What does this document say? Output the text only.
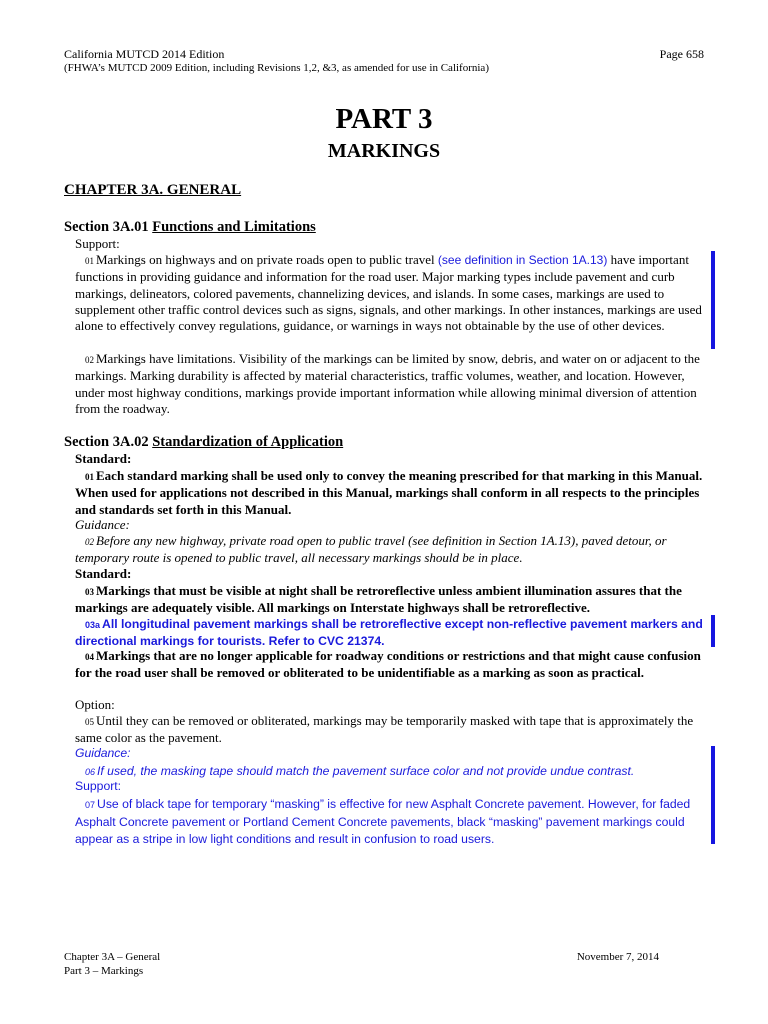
California MUTCD 2014 Edition
(FHWA’s MUTCD 2009 Edition, including Revisions 1,2, &3, as amended for use in California)
Page 658
PART 3
MARKINGS
CHAPTER 3A. GENERAL
Section 3A.01 Functions and Limitations
Support:
01 Markings on highways and on private roads open to public travel (see definition in Section 1A.13) have important functions in providing guidance and information for the road user. Major marking types include pavement and curb markings, delineators, colored pavements, channelizing devices, and islands. In some cases, markings are used to supplement other traffic control devices such as signs, signals, and other markings. In other instances, markings are used alone to effectively convey regulations, guidance, or warnings in ways not obtainable by the use of other devices.
02 Markings have limitations. Visibility of the markings can be limited by snow, debris, and water on or adjacent to the markings. Marking durability is affected by material characteristics, traffic volumes, weather, and location. However, under most highway conditions, markings provide important information while allowing minimal diversion of attention from the roadway.
Section 3A.02 Standardization of Application
Standard:
01 Each standard marking shall be used only to convey the meaning prescribed for that marking in this Manual. When used for applications not described in this Manual, markings shall conform in all respects to the principles and standards set forth in this Manual.
Guidance:
02 Before any new highway, private road open to public travel (see definition in Section 1A.13), paved detour, or temporary route is opened to public travel, all necessary markings should be in place.
Standard:
03 Markings that must be visible at night shall be retroreflective unless ambient illumination assures that the markings are adequately visible. All markings on Interstate highways shall be retroreflective.
03a All longitudinal pavement markings shall be retroreflective except non-reflective pavement markers and directional markings for tourists. Refer to CVC 21374.
04 Markings that are no longer applicable for roadway conditions or restrictions and that might cause confusion for the road user shall be removed or obliterated to be unidentifiable as a marking as soon as practical.
Option:
05 Until they can be removed or obliterated, markings may be temporarily masked with tape that is approximately the same color as the pavement.
Guidance:
06 If used, the masking tape should match the pavement surface color and not provide undue contrast.
Support:
07 Use of black tape for temporary “masking” is effective for new Asphalt Concrete pavement. However, for faded Asphalt Concrete pavement or Portland Cement Concrete pavements, black “masking” pavement markings could appear as a stripe in low light conditions and result in confusion to road users.
Chapter 3A – General
Part 3 – Markings
November 7, 2014
